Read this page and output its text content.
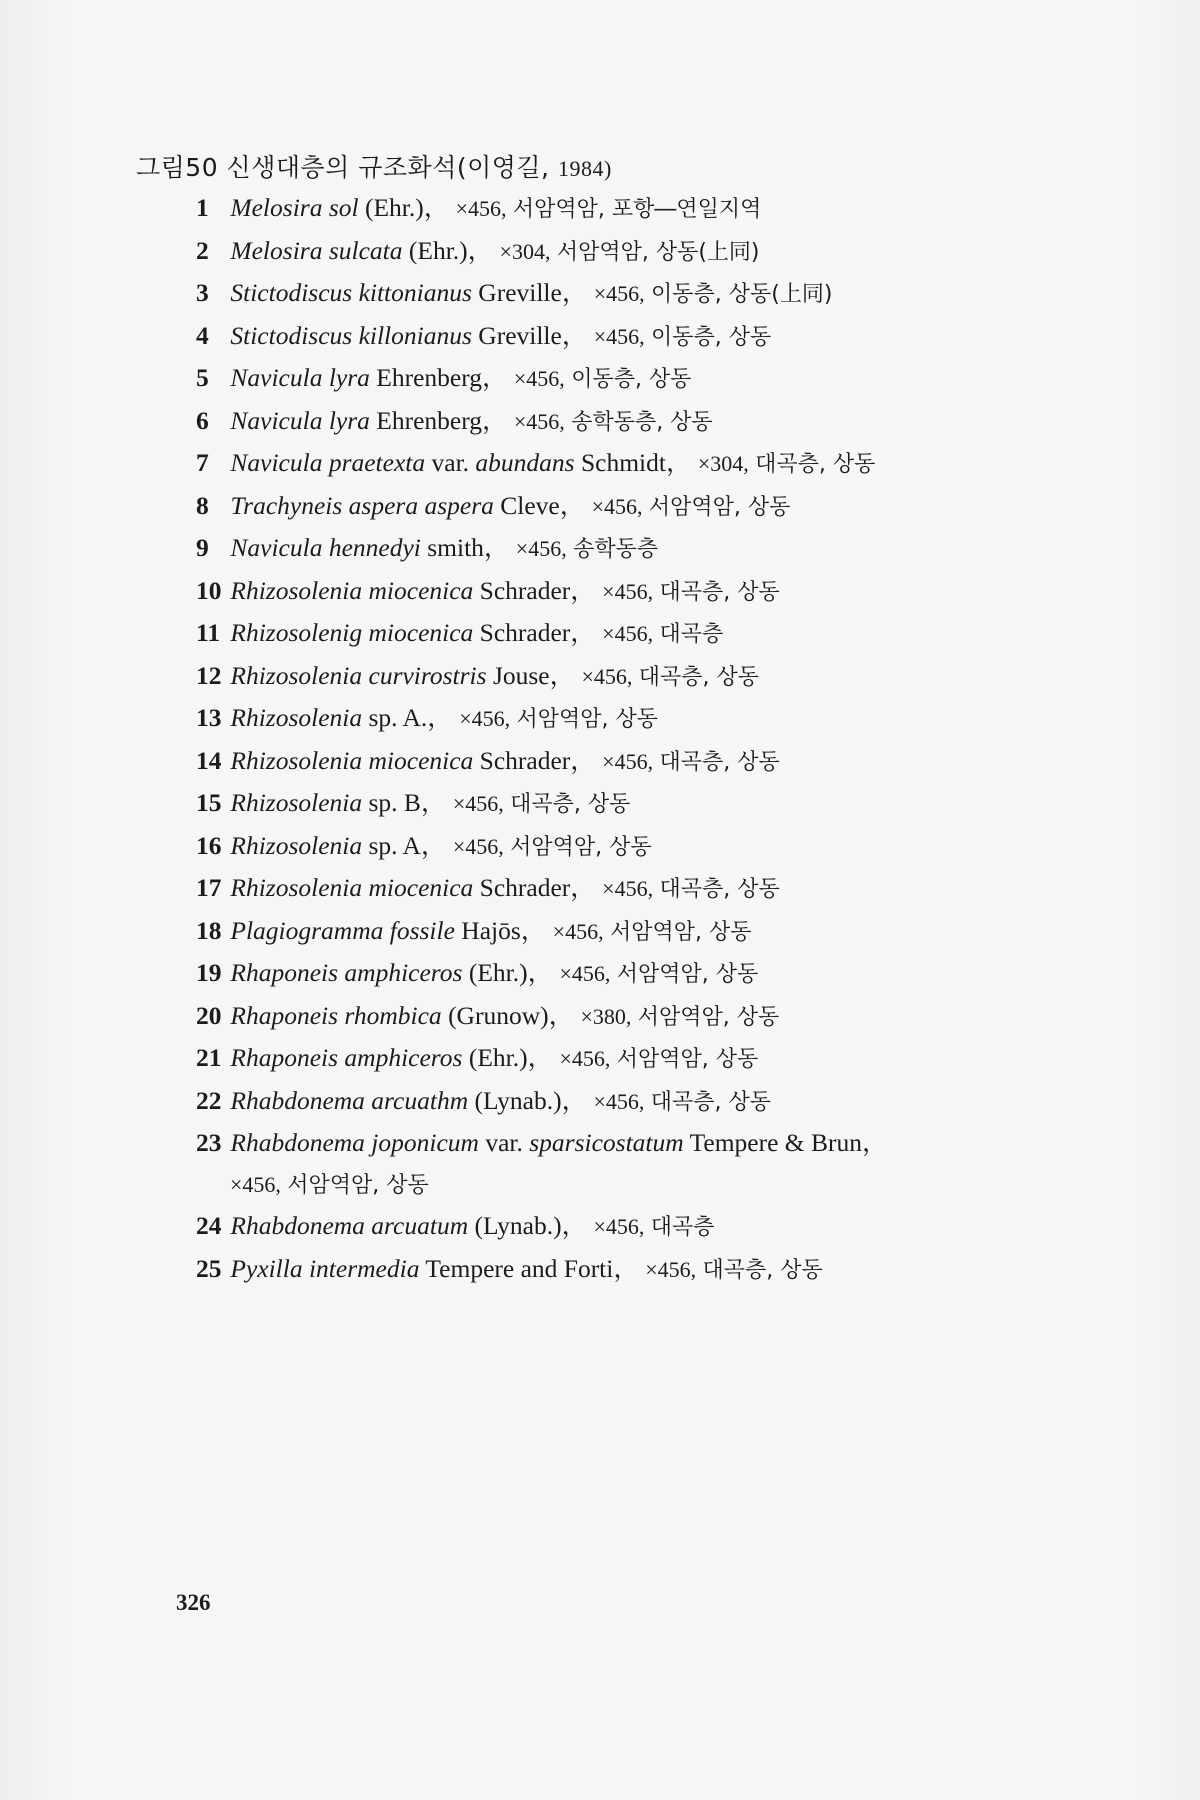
그림50 신생대층의 규조화석(이영길, 1984)
1 Melosira sol (Ehr.)， ×456, 서암역암, 포항―연일지역
2 Melosira sulcata (Ehr.)， ×304, 서암역암, 상동(上同)
3 Stictodiscus kittonianus Greville， ×456, 이동층, 상동(上同)
4 Stictodiscus killonianus Greville， ×456, 이동층, 상동
5 Navicula lyra Ehrenberg， ×456, 이동층, 상동
6 Navicula lyra Ehrenberg， ×456, 송학동층, 상동
7 Navicula praetexta var. abundans Schmidt， ×304, 대곡층, 상동
8 Trachyneis aspera aspera Cleve， ×456, 서암역암, 상동
9 Navicula hennedyi smith， ×456, 송학동층
10 Rhizosolenia miocenica Schrader， ×456, 대곡층, 상동
11 Rhizosolenig miocenica Schrader， ×456, 대곡층
12 Rhizosolenia curvirostris Jouse， ×456, 대곡층, 상동
13 Rhizosolenia sp. A.， ×456, 서암역암, 상동
14 Rhizosolenia miocenica Schrader， ×456, 대곡층, 상동
15 Rhizosolenia sp. B， ×456, 대곡층, 상동
16 Rhizosolenia sp. A， ×456, 서암역암, 상동
17 Rhizosolenia miocenica Schrader， ×456, 대곡층, 상동
18 Plagiogramma fossile Hajōs， ×456, 서암역암, 상동
19 Rhaponeis amphiceros (Ehr.)， ×456, 서암역암, 상동
20 Rhaponeis rhombica (Grunow)， ×380, 서암역암, 상동
21 Rhaponeis amphiceros (Ehr.)， ×456, 서암역암, 상동
22 Rhabdonema arcuathm (Lynab.)， ×456, 대곡층, 상동
23 Rhabdonema joponicum var. sparsicostatum Tempere & Brun，
×456, 서암역암, 상동
24 Rhabdonema arcuatum (Lynab.)， ×456, 대곡층
25 Pyxilla intermedia Tempere and Forti， ×456, 대곡층, 상동
326
